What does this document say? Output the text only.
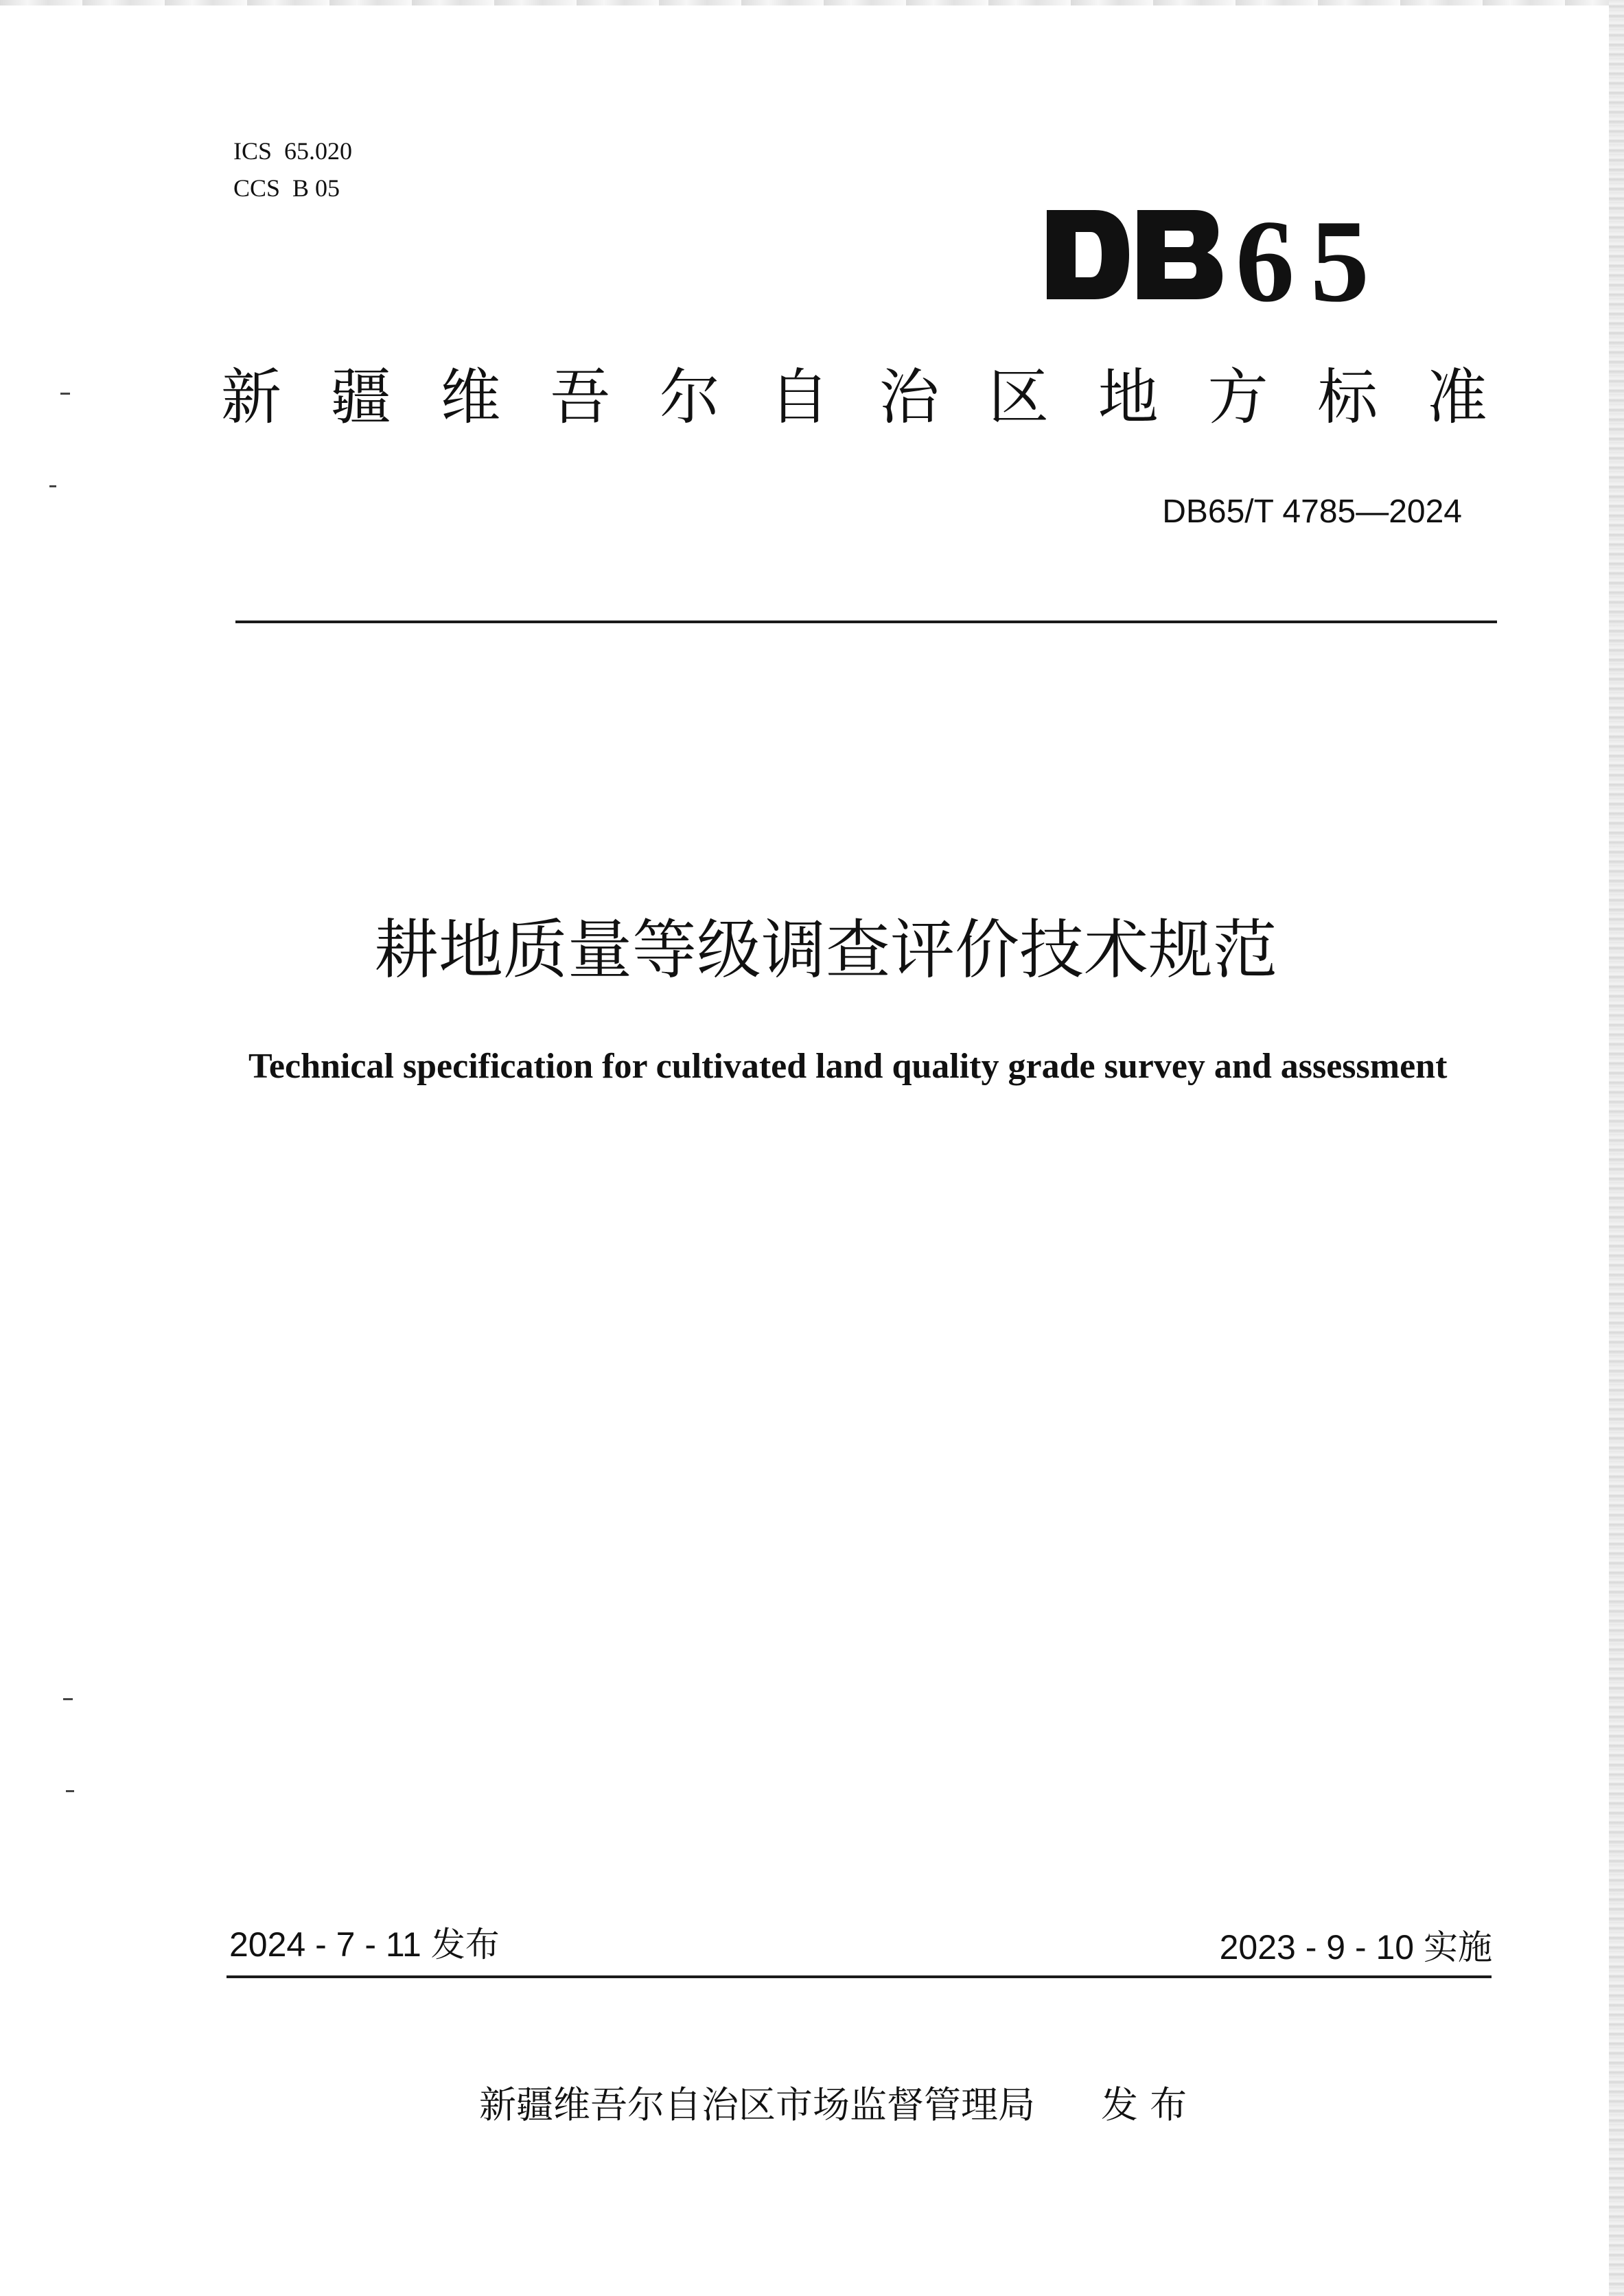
ICS  65.020
CCS  B 05
6 5
新 疆 维 吾 尔 自 治 区 地 方 标 准
DB65/T 4785—2024
耕地质量等级调查评价技术规范
Technical specification for cultivated land quality grade survey and assessment
2024 - 7 - 11 发布	2023 - 9 - 10 实施
新疆维吾尔自治区市场监督管理局 发 布
